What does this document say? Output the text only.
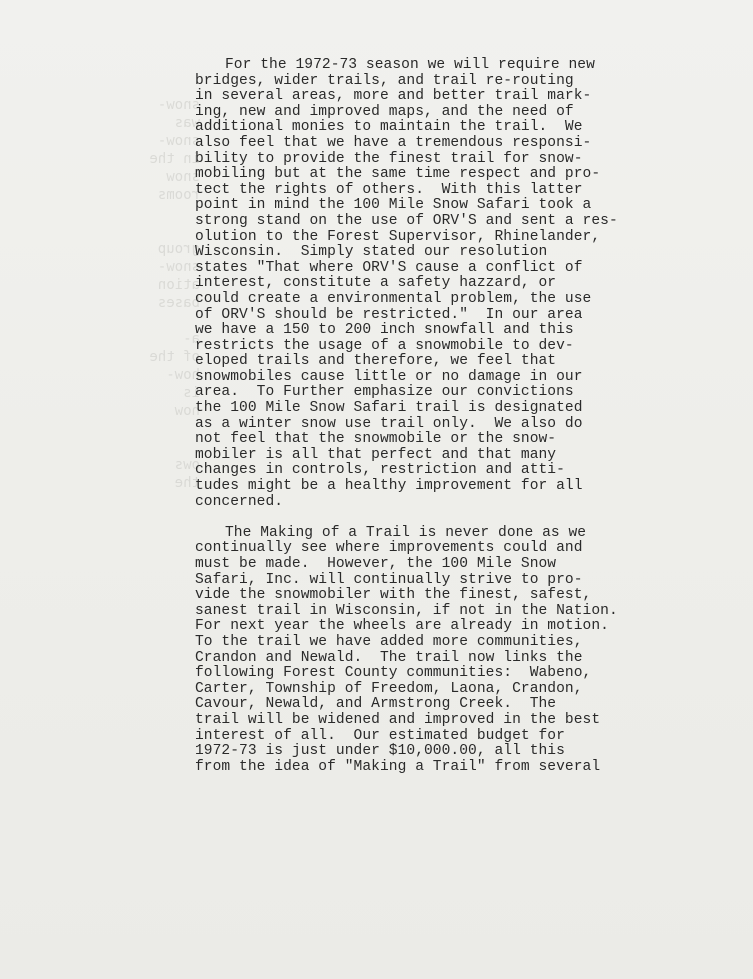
snow-
was
snow-
in the
snow
rooms

group
snow-
ation
bases

a-
of the
how-
is
now

ows
the
For the 1972-73 season we will require new
bridges, wider trails, and trail re-routing
in several areas, more and better trail mark-
ing, new and improved maps, and the need of
additional monies to maintain the trail.  We
also feel that we have a tremendous responsi-
bility to provide the finest trail for snow-
mobiling but at the same time respect and pro-
tect the rights of others.  With this latter
point in mind the 100 Mile Snow Safari took a
strong stand on the use of ORV'S and sent a res-
olution to the Forest Supervisor, Rhinelander,
Wisconsin.  Simply stated our resolution
states "That where ORV'S cause a conflict of
interest, constitute a safety hazzard, or
could create a environmental problem, the use
of ORV'S should be restricted."  In our area
we have a 150 to 200 inch snowfall and this
restricts the usage of a snowmobile to dev-
eloped trails and therefore, we feel that
snowmobiles cause little or no damage in our
area.  To Further emphasize our convictions
the 100 Mile Snow Safari trail is designated
as a winter snow use trail only.  We also do
not feel that the snowmobile or the snow-
mobiler is all that perfect and that many
changes in controls, restriction and atti-
tudes might be a healthy improvement for all
concerned.
The Making of a Trail is never done as we
continually see where improvements could and
must be made.  However, the 100 Mile Snow
Safari, Inc. will continually strive to pro-
vide the snowmobiler with the finest, safest,
sanest trail in Wisconsin, if not in the Nation.
For next year the wheels are already in motion.
To the trail we have added more communities,
Crandon and Newald.  The trail now links the
following Forest County communities:  Wabeno,
Carter, Township of Freedom, Laona, Crandon,
Cavour, Newald, and Armstrong Creek.  The
trail will be widened and improved in the best
interest of all.  Our estimated budget for
1972-73 is just under $10,000.00, all this
from the idea of "Making a Trail" from several
